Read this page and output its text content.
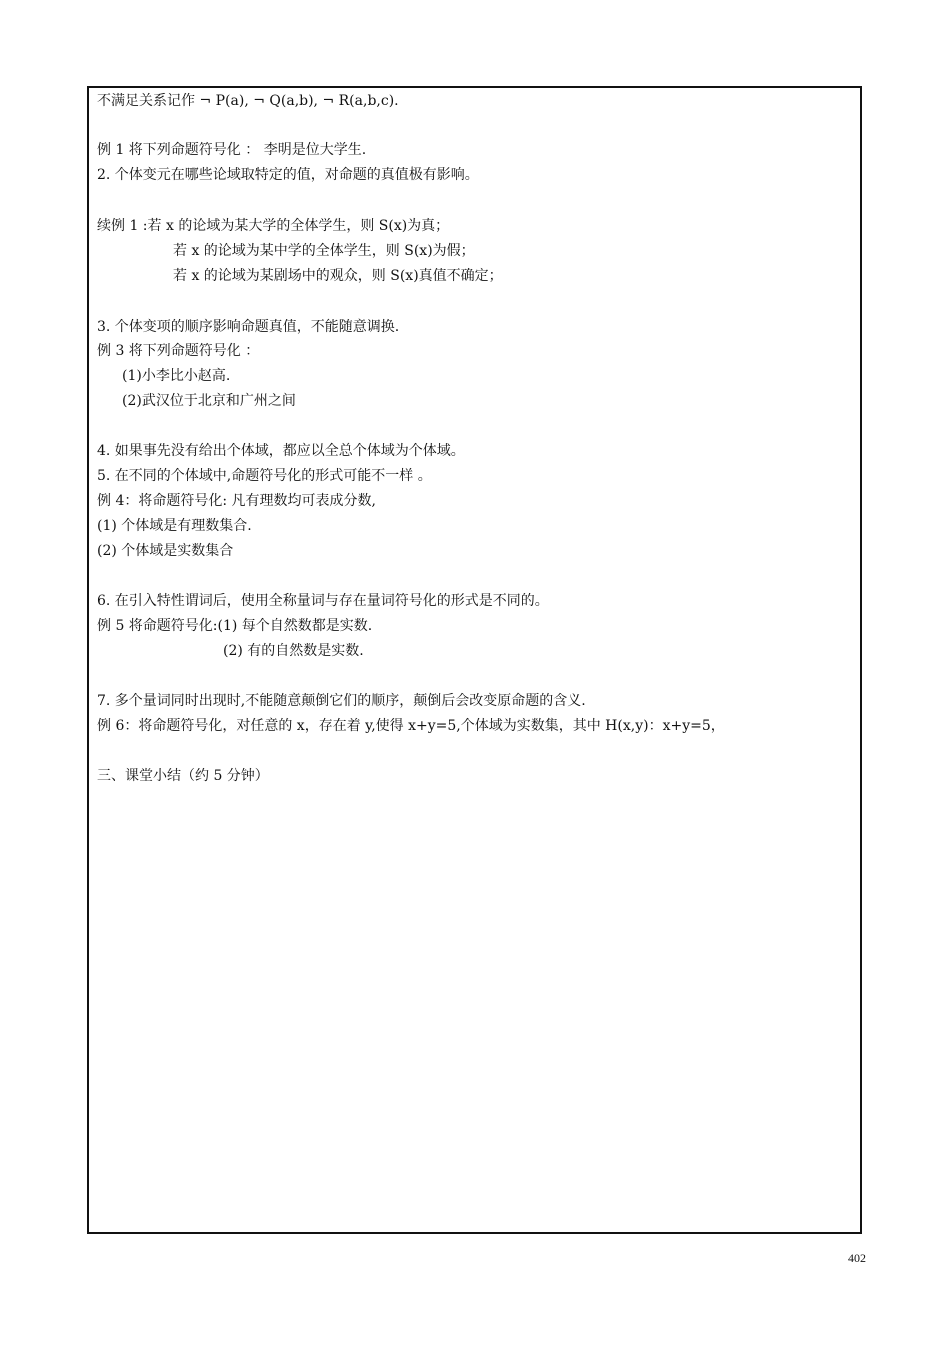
不满足关系记作 ¬ P(a), ¬ Q(a,b), ¬ R(a,b,c).
例 1 将下列命题符号化 ： 李明是位大学生.
2. 个体变元在哪些论域取特定的值，对命题的真值极有影响。
续例 1 :若 x 的论域为某大学的全体学生，则 S(x)为真；
若 x 的论域为某中学的全体学生，则 S(x)为假；
若 x 的论域为某剧场中的观众，则 S(x)真值不确定；
3. 个体变项的顺序影响命题真值，不能随意调换.
例 3 将下列命题符号化 ：
(1)小李比小赵高.
(2)武汉位于北京和广州之间
4. 如果事先没有给出个体域，都应以全总个体域为个体域。
5. 在不同的个体域中,命题符号化的形式可能不一样 。
例 4：将命题符号化: 凡有理数均可表成分数,
(1) 个体域是有理数集合.
(2) 个体域是实数集合
6. 在引入特性谓词后，使用全称量词与存在量词符号化的形式是不同的。
例 5 将命题符号化:(1) 每个自然数都是实数.
(2) 有的自然数是实数.
7. 多个量词同时出现时,不能随意颠倒它们的顺序，颠倒后会改变原命题的含义.
例 6：将命题符号化，对任意的 x，存在着 y,使得 x+y=5,个体域为实数集，其中 H(x,y)：x+y=5，
三、课堂小结（约 5 分钟）
402
